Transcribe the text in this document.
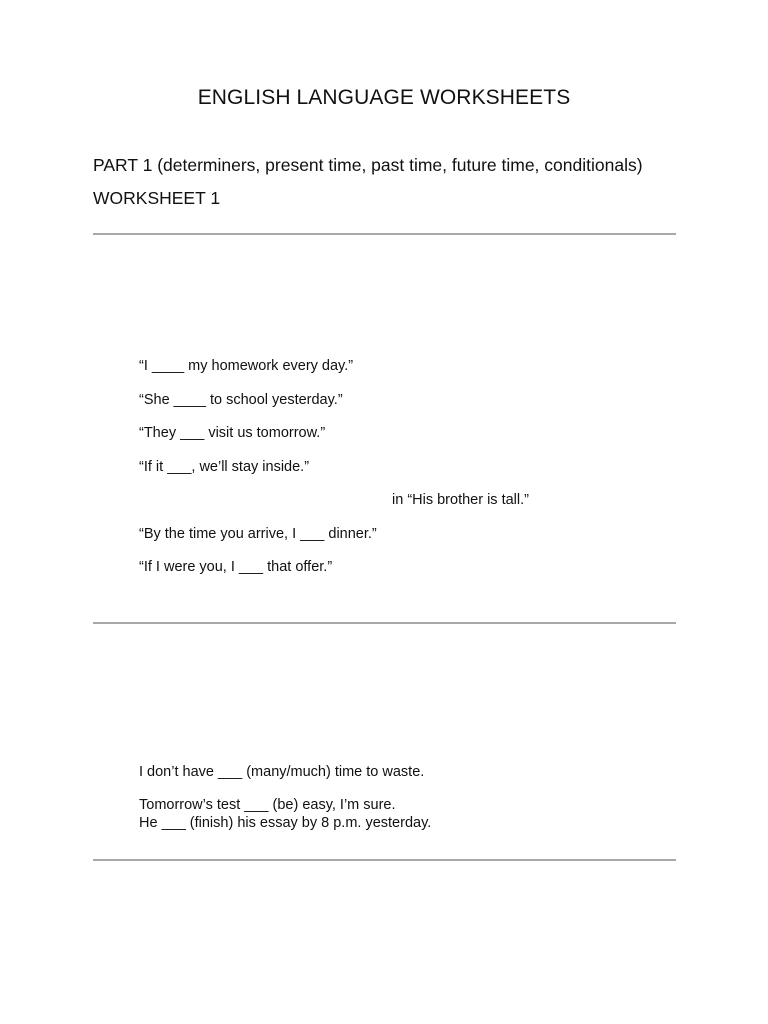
ENGLISH LANGUAGE WORKSHEETS
PART 1 (determiners, present time, past time, future time, conditionals)
WORKSHEET 1
“I ____ my homework every day.”
“She ____ to school yesterday.”
“They ___ visit us tomorrow.”
“If it ___, we’ll stay inside.”
in “His brother is tall.”
“By the time you arrive, I ___ dinner.”
“If I were you, I ___ that offer.”
I don’t have ___ (many/much) time to waste.
Tomorrow’s test ___ (be) easy, I’m sure.
He ___ (finish) his essay by 8 p.m. yesterday.
